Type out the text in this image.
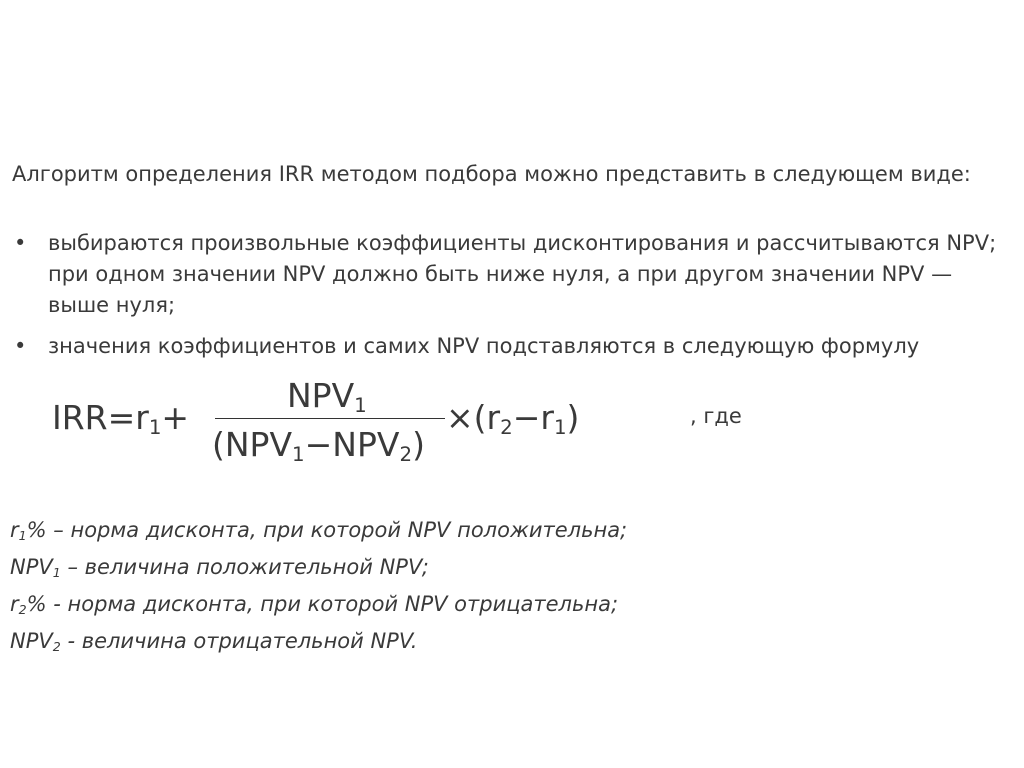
Алгоритм определения IRR методом подбора можно представить в следующем виде:

• выбираются произвольные коэффициенты дисконтирования и рассчитываются NPV; при одном значении NPV должно быть ниже нуля, а при другом значении NPV — выше нуля;
• значения коэффициентов и самих NPV подставляются в следующую формулу
$IRR=r_1+$
$NPV_1$
$(NPV_1-NPV_2)$
$\times(r_2-r_1)$	, где
$r_1\%$ – норма дисконта, при которой NPV положительна;
$NPV_1$ – величина положительной NPV;
$r_2\%$ - норма дисконта, при которой NPV отрицательна;
$NPV_2$ - величина отрицательной NPV.
